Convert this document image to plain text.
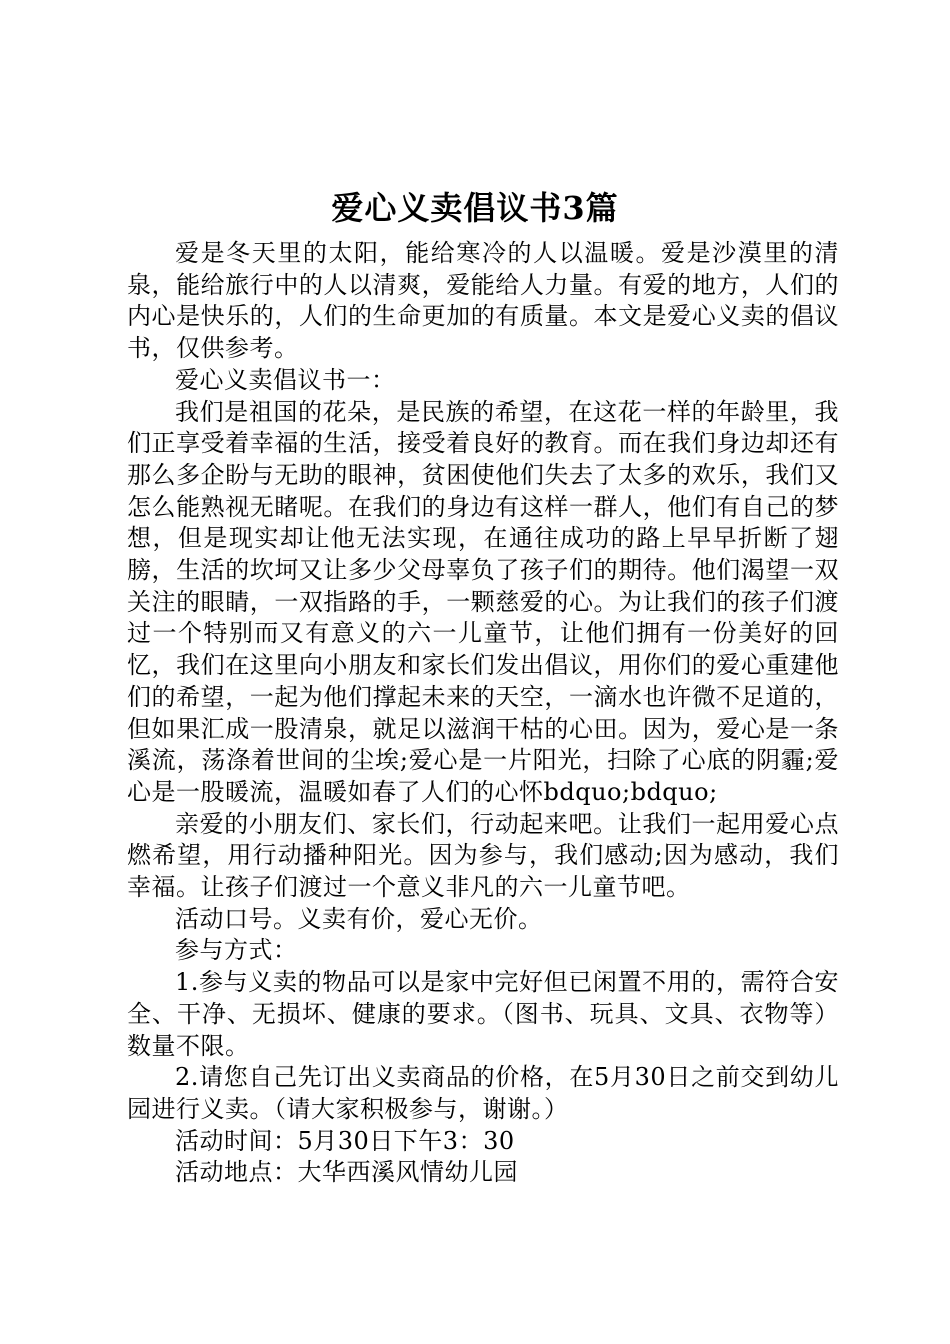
爱心义卖倡议书3篇

爱是冬天里的太阳，能给寒冷的人以温暖。爱是沙漠里的清泉，能给旅行中的人以清爽，爱能给人力量。有爱的地方，人们的内心是快乐的，人们的生命更加的有质量。本文是爱心义卖的倡议书，仅供参考。

爱心义卖倡议书一：

我们是祖国的花朵，是民族的希望，在这花一样的年龄里，我们正享受着幸福的生活，接受着良好的教育。而在我们身边却还有那么多企盼与无助的眼神，贫困使他们失去了太多的欢乐，我们又怎么能熟视无睹呢。在我们的身边有这样一群人，他们有自己的梦想，但是现实却让他无法实现，在通往成功的路上早早折断了翅膀，生活的坎坷又让多少父母辜负了孩子们的期待。他们渴望一双关注的眼睛，一双指路的手，一颗慈爱的心。为让我们的孩子们渡过一个特别而又有意义的六一儿童节，让他们拥有一份美好的回忆，我们在这里向小朋友和家长们发出倡议，用你们的爱心重建他们的希望，一起为他们撑起未来的天空，一滴水也许微不足道的，但如果汇成一股清泉，就足以滋润干枯的心田。因为，爱心是一条溪流，荡涤着世间的尘埃;爱心是一片阳光，扫除了心底的阴霾;爱心是一股暖流，温暖如春了人们的心怀bdquo;bdquo;

亲爱的小朋友们、家长们，行动起来吧。让我们一起用爱心点燃希望，用行动播种阳光。因为参与，我们感动;因为感动，我们幸福。让孩子们渡过一个意义非凡的六一儿童节吧。

活动口号。义卖有价，爱心无价。

参与方式：

1.参与义卖的物品可以是家中完好但已闲置不用的，需符合安全、干净、无损坏、健康的要求。（图书、玩具、文具、衣物等）数量不限。

2.请您自己先订出义卖商品的价格，在5月30日之前交到幼儿园进行义卖。（请大家积极参与，谢谢。）

活动时间：5月30日下午3：30

活动地点：大华西溪风情幼儿园
